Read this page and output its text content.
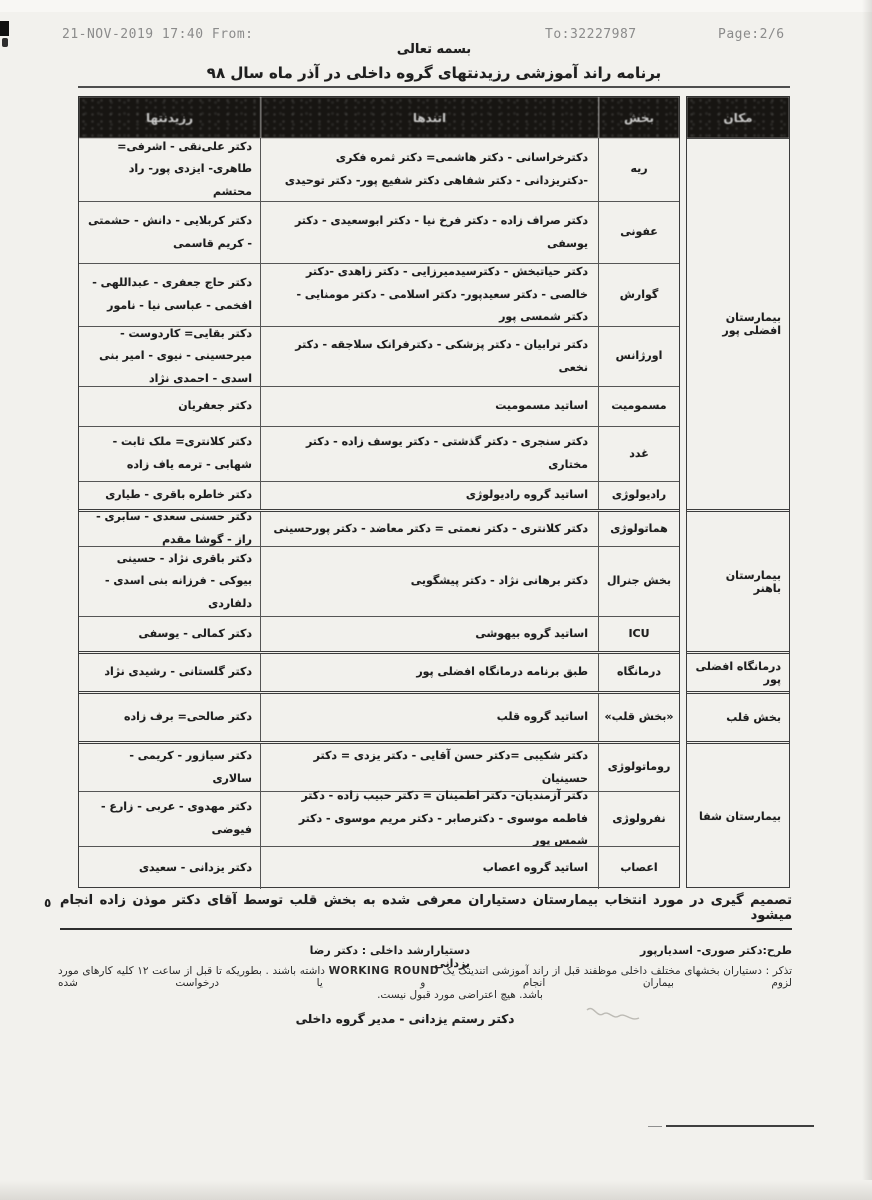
21-NOV-2019 17:40 From:	To:32227987	Page:2/6
بسمه تعالی
برنامه راند آموزشی رزیدنتهای گروه داخلی در آذر ماه سال ۹۸
مکان
بیمارستان افضلی پور
بیمارستان باهنر
درمانگاه افضلی پور
بخش قلب
بیمارستان شفا
بخش
اتندها
رزیدنتها
ریه
دکترخراسانی - دکتر هاشمی= دکتر ثمره فکری -دکتریزدانی - دکتر شفاهی دکتر شفیع پور- دکتر توحیدی
دکتر علی‌نقی - اشرفی= طاهری- ایزدی پور- راد محتشم
عفونی
دکتر صراف زاده - دکتر فرخ نیا - دکتر ابوسعیدی - دکتر یوسفی
دکتر کربلایی - دانش - حشمتی - کریم قاسمی
گوارش
دکتر حیاتبخش - دکترسیدمیرزایی - دکتر زاهدی -دکتر خالصی - دکتر سعیدپور- دکتر اسلامی - دکتر مومنایی - دکتر شمسی پور
دکتر حاج جعفری - عبداللهی - افخمی - عباسی نیا - نامور
اورژانس
دکتر ترابیان - دکتر پزشکی - دکترفرانک سلاجقه - دکتر نخعی
دکتر بقایی= کاردوست - میرحسینی - نیوی - امیر بنی اسدی - احمدی نژاد
مسمومیت
اساتید مسمومیت
دکتر جعفریان
غدد
دکتر سنجری - دکتر گذشتی - دکتر یوسف زاده - دکتر مختاری
دکتر کلانتری= ملک ثابت - شهابی - ترمه یاف زاده
رادیولوژی
اساتید گروه رادیولوژی
دکتر خاطره باقری - طیاری
هماتولوژی
دکتر کلانتری - دکتر نعمتی = دکتر معاضد - دکتر پورحسینی
دکتر حسنی سعدی - سابری - راز - گوشا مقدم
بخش جنرال
دکتر برهانی نژاد - دکتر پیشگویی
دکتر باقری نژاد - حسینی بیوکی - فرزانه بنی اسدی - دلفاردی
ICU
اساتید گروه بیهوشی
دکتر کمالی - یوسفی
درمانگاه
طبق برنامه درمانگاه افضلی پور
دکتر گلستانی - رشیدی نژاد
«بخش قلب»
اساتید گروه قلب
دکتر صالحی= برف زاده
روماتولوژی
دکتر شکیبی =دکتر حسن آقایی - دکتر یزدی = دکتر حسینیان
دکتر سیازور - کریمی - سالاری
نفرولوژی
دکتر آزمندیان- دکتر اطمینان = دکتر حبیب زاده - دکتر فاطمه موسوی - دکترصابر - دکتر مریم موسوی - دکتر شمس پور
دکتر مهدوی - عربی - زارع - فیوضی
اعصاب
اساتید گروه اعصاب
دکتر یزدانی - سعیدی
٥ تصمیم گیری در مورد انتخاب بیمارستان دستیاران معرفی شده به بخش قلب توسط آقای دکتر موذن زاده انجام میشود
طرح:دکتر صوری- اسدیارپور
دستیارارشد داخلی : دکتر رضا یزدانی
تذکر : دستیاران بخشهای مختلف داخلی موظفند قبل از راند آموزشی اتندینگ یک WORKING ROUND داشته باشند . بطوریکه تا قبل از ساعت ۱۲ کلیه کارهای مورد لزوم بیماران انجام و یا درخواست شده
باشد. هیچ اعتراضی مورد قبول نیست.
دکتر رستم یزدانی - مدیر گروه داخلی
